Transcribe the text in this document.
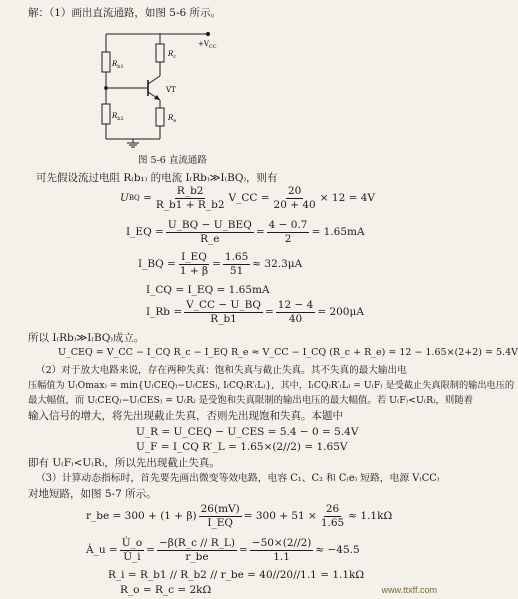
解：（1）画出直流通路，如图 5-6 所示。
$R_{b1}$
$R_{b2}$
$R_c$
$R_e$
VT
$+V_{CC}$
图 5-6 直流通路
可先假设流过电阻 R₍b₁₎ 的电流 I₍Rb₎≫I₍BQ₎，则有
U BQ
= $\frac{R\_b2}{R\_b1 + R\_b2}$ V_CC = $\frac{20}{20 + 40} \times 12 = 4V$
I_EQ = $\frac{\text{U\_BQ − U\_BEQ}}{R\_e} = \frac{4 - 0.7}{2} = 1.65mA$
I_BQ = $\frac{I\_EQ}{1 + \beta} = \frac{1.65}{51} \approx 32.3\mu A$
I_CQ = I_EQ = 1.65mA
I_Rb = $\frac{V\_CC - U\_BQ}{R\_b1} = \frac{12 - 4}{40} = 200\mu A$
所以 I₍Rb₎≫I₍BQ₎成立。
U_CEQ = V_CC − I_CQ R_c − I_EQ R_e ≈ V_CC − I_CQ (R_c + R_e) = 12 − 1.65×(2+2) = 5.4V
（2）对于放大电路来说，存在两种失真：饱和失真与截止失真。其不失真的最大输出电
压幅值为 U₍Omax₎ = min{U₍CEQ₎−U₍CES₎, I₍CQ₎R′₍L₎}，其中，I₍CQ₎R′₍L₎ = U₍F₎ 是受截止失真限制的输出电压的
最大幅值，而 U₍CEQ₎−U₍CES₎ = U₍R₎ 是受饱和失真限制的输出电压的最大幅值。若 U₍F₎<U₍R₎，则随着
输入信号的增大，将先出现截止失真，否则先出现饱和失真。本题中
U_R = U_CEQ − U_CES = 5.4 − 0 = 5.4V
U_F = I_CQ R′_L = 1.65×(2//2) = 1.65V
即有 U₍F₎<U₍R₎，所以先出现截止失真。
（3）计算动态指标时，首先要先画出微变等效电路，电容 C₁、C₂ 和 C₍e₎ 短路，电源 V₍CC₎
对地短路，如图 5-7 所示。
r_be = $300 + (1 + \beta) \frac{26(mV)}{I\_EQ} = 300 + 51 \times \frac{26}{1.65} \approx 1.1k\Omega$
Ȧ_u = $\frac{U̇\_o}{U̇\_i} = \frac{-\beta(R\_c // R\_L)}{r\_be} = \frac{-50\times(2//2)}{1.1} \approx -45.5$
R_i = R_b1 // R_b2 // r_be = 40//20//1.1 = 1.1kΩ
R_o = R_c = 2kΩ	www.ttxff.com
